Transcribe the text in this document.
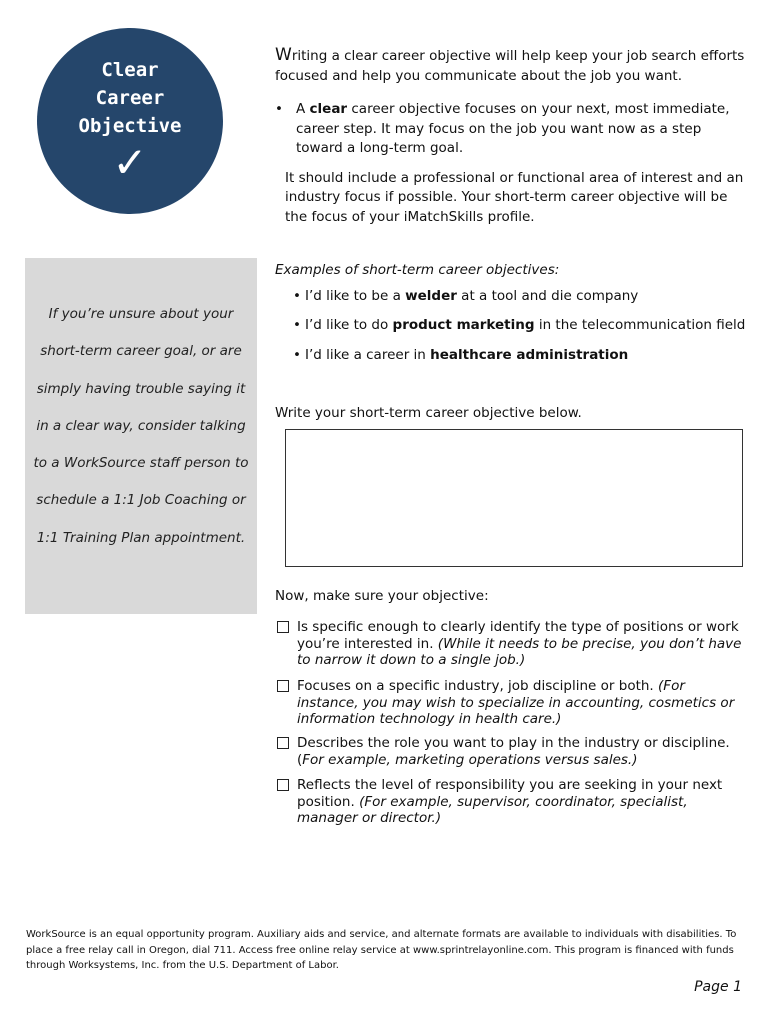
Clear
Career
Objective
✓

If you’re unsure about your short-term career goal, or are simply having trouble saying it in a clear way, consider talking to a WorkSource staff person to schedule a 1:1 Job Coaching or 1:1 Training Plan appointment.

Writing a clear career objective will help keep your job search efforts focused and help you communicate about the job you want.

• A clear career objective focuses on your next, most immediate, career step. It may focus on the job you want now as a step toward a long-term goal.

It should include a professional or functional area of interest and an industry focus if possible. Your short-term career objective will be the focus of your iMatchSkills profile.

Examples of short-term career objectives:
• I’d like to be a welder at a tool and die company
• I’d like to do product marketing in the telecommunication field
• I’d like a career in healthcare administration
Write your short-term career objective below.
Now, make sure your objective:
Is specific enough to clearly identify the type of positions or work you’re interested in. (While it needs to be precise, you don’t have to narrow it down to a single job.)
Focuses on a specific industry, job discipline or both. (For instance, you may wish to specialize in accounting, cosmetics or information technology in health care.)
Describes the role you want to play in the industry or discipline. (For example, marketing operations versus sales.)
Reflects the level of responsibility you are seeking in your next position. (For example, supervisor, coordinator, specialist, manager or director.)
WorkSource is an equal opportunity program. Auxiliary aids and service, and alternate formats are available to individuals with disabilities. To place a free relay call in Oregon, dial 711. Access free online relay service at www.sprintrelayonline.com. This program is financed with funds through Worksystems, Inc. from the U.S. Department of Labor.
Page 1
